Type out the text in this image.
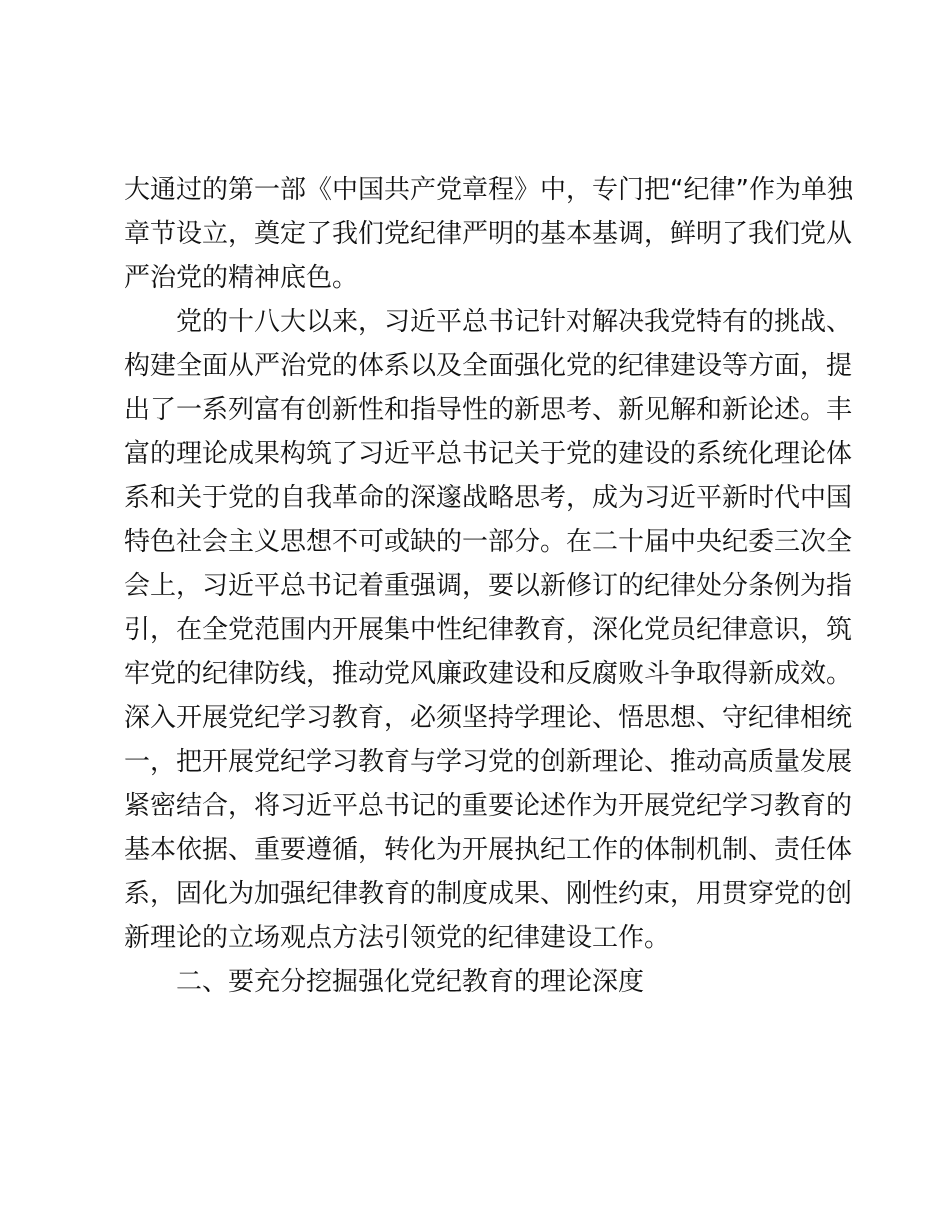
大通过的第一部《中国共产党章程》中，专门把“纪律”作为单独
章节设立，奠定了我们党纪律严明的基本基调，鲜明了我们党从
严治党的精神底色。
党的十八大以来，习近平总书记针对解决我党特有的挑战、
构建全面从严治党的体系以及全面强化党的纪律建设等方面，提
出了一系列富有创新性和指导性的新思考、新见解和新论述。丰
富的理论成果构筑了习近平总书记关于党的建设的系统化理论体
系和关于党的自我革命的深邃战略思考，成为习近平新时代中国
特色社会主义思想不可或缺的一部分。在二十届中央纪委三次全
会上，习近平总书记着重强调，要以新修订的纪律处分条例为指
引，在全党范围内开展集中性纪律教育，深化党员纪律意识，筑
牢党的纪律防线，推动党风廉政建设和反腐败斗争取得新成效。
深入开展党纪学习教育，必须坚持学理论、悟思想、守纪律相统
一，把开展党纪学习教育与学习党的创新理论、推动高质量发展
紧密结合，将习近平总书记的重要论述作为开展党纪学习教育的
基本依据、重要遵循，转化为开展执纪工作的体制机制、责任体
系，固化为加强纪律教育的制度成果、刚性约束，用贯穿党的创
新理论的立场观点方法引领党的纪律建设工作。
二、要充分挖掘强化党纪教育的理论深度
